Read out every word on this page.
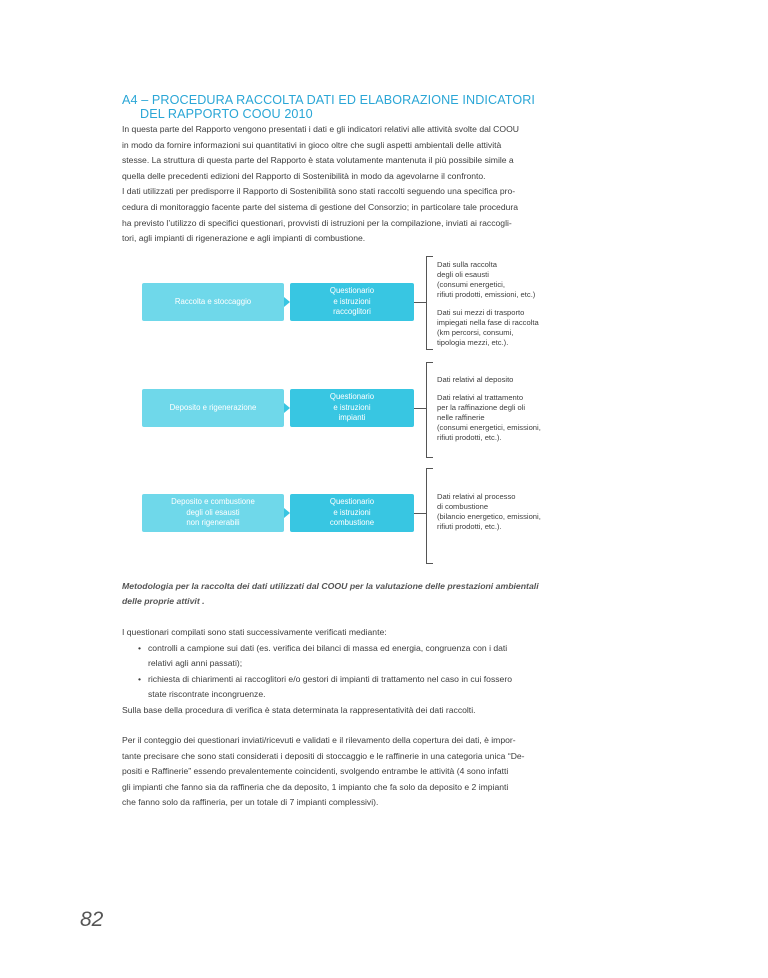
A4 – PROCEDURA RACCOLTA DATI ED ELABORAZIONE INDICATORI
DEL RAPPORTO COOU 2010
In questa parte del Rapporto vengono presentati i dati e gli indicatori relativi alle attività svolte dal COOU
in modo da fornire informazioni sui quantitativi in gioco oltre che sugli aspetti ambientali delle attività
stesse. La struttura di questa parte del Rapporto è stata volutamente mantenuta il più possibile simile a
quella delle precedenti edizioni del Rapporto di Sostenibilità in modo da agevolarne il confronto.
I dati utilizzati per predisporre il Rapporto di Sostenibilità sono stati raccolti seguendo una specifica pro-
cedura di monitoraggio facente parte del sistema di gestione del Consorzio; in particolare tale procedura
ha previsto l’utilizzo di specifici questionari, provvisti di istruzioni per la compilazione, inviati ai raccogli-
tori, agli impianti di rigenerazione e agli impianti di combustione.
Raccolta e stoccaggio
Questionario
e istruzioni
raccoglitori
Dati sulla raccolta
degli oli esausti
(consumi energetici,
rifiuti prodotti, emissioni, etc.)
Dati sui mezzi di trasporto
impiegati nella fase di raccolta
(km percorsi, consumi,
tipologia mezzi, etc.).
Deposito e rigenerazione
Questionario
e istruzioni
impianti
Dati relativi al deposito
Dati relativi al trattamento
per la raffinazione degli oli
nelle raffinerie
(consumi energetici, emissioni,
rifiuti prodotti, etc.).
Deposito e combustione
degli oli esausti
non rigenerabili
Questionario
e istruzioni
combustione
Dati relativi al processo
di combustione
(bilancio energetico, emissioni,
rifiuti prodotti, etc.).
Metodologia per la raccolta dei dati utilizzati dal COOU per la valutazione delle prestazioni ambientali
delle proprie attivit .
I questionari compilati sono stati successivamente verificati mediante:
• controlli a campione sui dati (es. verifica dei bilanci di massa ed energia, congruenza con i dati
relativi agli anni passati);
• richiesta di chiarimenti ai raccoglitori e/o gestori di impianti di trattamento nel caso in cui fossero
state riscontrate incongruenze.
Sulla base della procedura di verifica è stata determinata la rappresentatività dei dati raccolti.
Per il conteggio dei questionari inviati/ricevuti e validati e il rilevamento della copertura dei dati, è impor-
tante precisare che sono stati considerati i depositi di stoccaggio e le raffinerie in una categoria unica “De-
positi e Raffinerie” essendo prevalentemente coincidenti, svolgendo entrambe le attività (4 sono infatti
gli impianti che fanno sia da raffineria che da deposito, 1 impianto che fa solo da deposito e 2 impianti
che fanno solo da raffineria, per un totale di 7 impianti complessivi).
82
